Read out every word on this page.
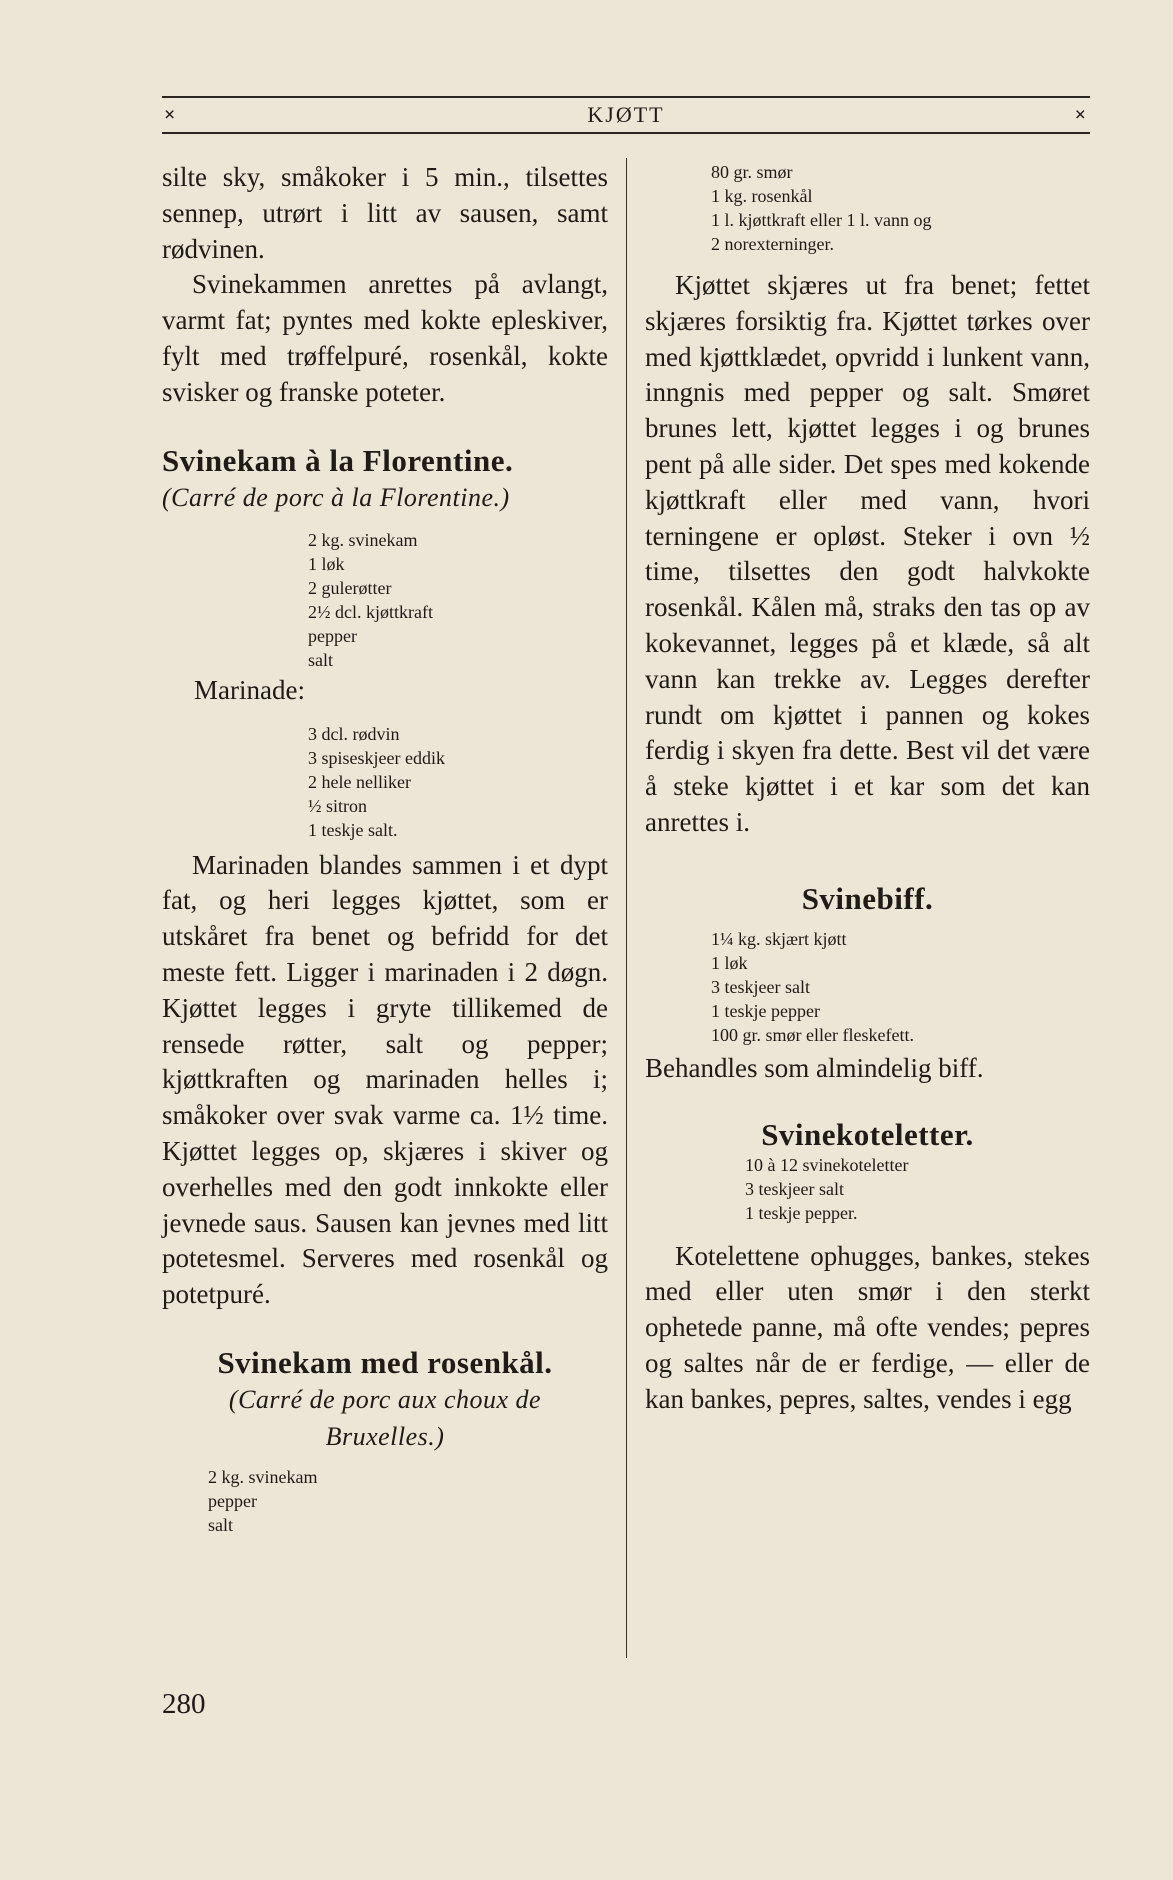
×	KJØTT	×

silte sky, småkoker i 5 min., tilsettes sennep, utrørt i litt av sausen, samt rødvinen.

Svinekammen anrettes på avlangt, varmt fat; pyntes med kokte epleskiver, fylt med trøffelpuré, rosenkål, kokte svisker og franske poteter.

Svinekam à la Florentine.

(Carré de porc à la Florentine.)

2 kg. svinekam
1 løk
2 gulerøtter
2½ dcl. kjøttkraft
pepper
salt

Marinade:

3 dcl. rødvin
3 spiseskjeer eddik
2 hele nelliker
½ sitron
1 teskje salt.

Marinaden blandes sammen i et dypt fat, og heri legges kjøttet, som er utskåret fra benet og befridd for det meste fett. Ligger i marinaden i 2 døgn. Kjøttet legges i gryte tillikemed de rensede røtter, salt og pepper; kjøttkraften og marinaden helles i; småkoker over svak varme ca. 1½ time. Kjøttet legges op, skjæres i skiver og overhelles med den godt innkokte eller jevnede saus. Sausen kan jevnes med litt potetesmel. Serveres med rosenkål og potetpuré.

Svinekam med rosenkål.

(Carré de porc aux choux de

Bruxelles.)

2 kg. svinekam
pepper
salt
80 gr. smør
1 kg. rosenkål
1 l. kjøttkraft eller 1 l. vann og
2 norexterninger.

Kjøttet skjæres ut fra benet; fettet skjæres forsiktig fra. Kjøttet tørkes over med kjøttklædet, opvridd i lunkent vann, inngnis med pepper og salt. Smøret brunes lett, kjøttet legges i og brunes pent på alle sider. Det spes med kokende kjøttkraft eller med vann, hvori terningene er opløst. Steker i ovn ½ time, tilsettes den godt halvkokte rosenkål. Kålen må, straks den tas op av kokevannet, legges på et klæde, så alt vann kan trekke av. Legges derefter rundt om kjøttet i pannen og kokes ferdig i skyen fra dette. Best vil det være å steke kjøttet i et kar som det kan anrettes i.

Svinebiff.
1¼ kg. skjært kjøtt
1 løk
3 teskjeer salt
1 teskje pepper
100 gr. smør eller fleskefett.

Behandles som almindelig biff.

Svinekoteletter.
10 à 12 svinekoteletter
3 teskjeer salt
1 teskje pepper.

Kotelettene ophugges, bankes, stekes med eller uten smør i den sterkt ophetede panne, må ofte vendes; pepres og saltes når de er ferdige, — eller de kan bankes, pepres, saltes, vendes i egg

280
